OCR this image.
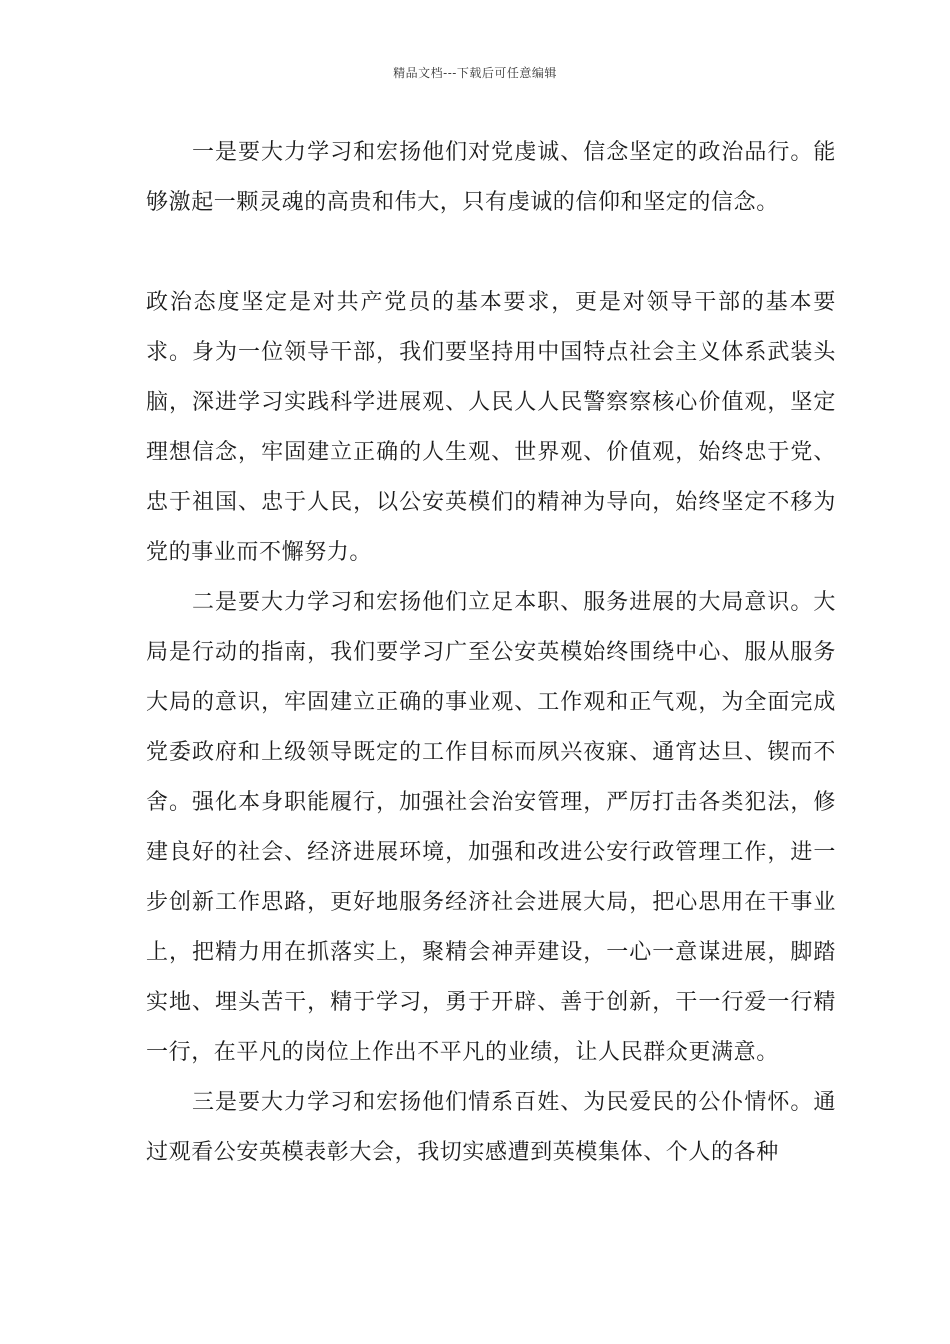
精品文档---下载后可任意编辑

一是要大力学习和宏扬他们对党虔诚、信念坚定的政治品行。能够激起一颗灵魂的高贵和伟大，只有虔诚的信仰和坚定的信念。

政治态度坚定是对共产党员的基本要求，更是对领导干部的基本要求。身为一位领导干部，我们要坚持用中国特点社会主义体系武装头脑，深进学习实践科学进展观、人民人人民警察察核心价值观，坚定理想信念，牢固建立正确的人生观、世界观、价值观，始终忠于党、忠于祖国、忠于人民，以公安英模们的精神为导向，始终坚定不移为党的事业而不懈努力。

二是要大力学习和宏扬他们立足本职、服务进展的大局意识。大局是行动的指南，我们要学习广至公安英模始终围绕中心、服从服务大局的意识，牢固建立正确的事业观、工作观和正气观，为全面完成党委政府和上级领导既定的工作目标而夙兴夜寐、通宵达旦、锲而不舍。强化本身职能履行，加强社会治安管理，严厉打击各类犯法，修建良好的社会、经济进展环境，加强和改进公安行政管理工作，进一步创新工作思路，更好地服务经济社会进展大局，把心思用在干事业上，把精力用在抓落实上，聚精会神弄建设，一心一意谋进展，脚踏实地、埋头苦干，精于学习，勇于开辟、善于创新，干一行爱一行精一行，在平凡的岗位上作出不平凡的业绩，让人民群众更满意。

三是要大力学习和宏扬他们情系百姓、为民爱民的公仆情怀。通过观看公安英模表彰大会，我切实感遭到英模集体、个人的各种
